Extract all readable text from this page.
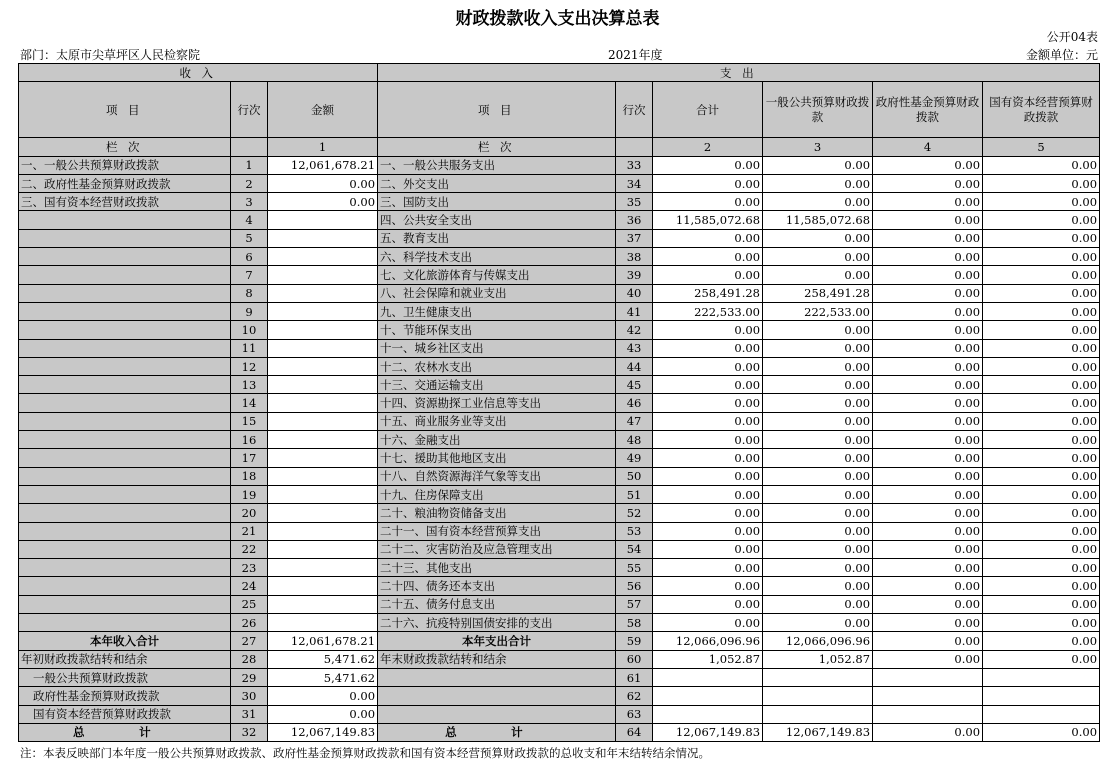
财政拨款收入支出决算总表
公开04表
部门：太原市尖草坪区人民检察院	2021年度	金额单位：元
收 入			支 出					
项 目	行次	金额	项 目	行次	合计	一般公共预算财政拨款	政府性基金预算财政拨款	国有资本经营预算财政拨款
栏 次		1	栏 次		2	3	4	5
一、一般公共预算财政拨款	1	12,061,678.21	一、一般公共服务支出	33	0.00	0.00	0.00	0.00
二、政府性基金预算财政拨款	2	0.00	二、外交支出	34	0.00	0.00	0.00	0.00
三、国有资本经营财政拨款	3	0.00	三、国防支出	35	0.00	0.00	0.00	0.00
	4		四、公共安全支出	36	11,585,072.68	11,585,072.68	0.00	0.00
	5		五、教育支出	37	0.00	0.00	0.00	0.00
	6		六、科学技术支出	38	0.00	0.00	0.00	0.00
	7		七、文化旅游体育与传媒支出	39	0.00	0.00	0.00	0.00
	8		八、社会保障和就业支出	40	258,491.28	258,491.28	0.00	0.00
	9		九、卫生健康支出	41	222,533.00	222,533.00	0.00	0.00
	10		十、节能环保支出	42	0.00	0.00	0.00	0.00
	11		十一、城乡社区支出	43	0.00	0.00	0.00	0.00
	12		十二、农林水支出	44	0.00	0.00	0.00	0.00
	13		十三、交通运输支出	45	0.00	0.00	0.00	0.00
	14		十四、资源勘探工业信息等支出	46	0.00	0.00	0.00	0.00
	15		十五、商业服务业等支出	47	0.00	0.00	0.00	0.00
	16		十六、金融支出	48	0.00	0.00	0.00	0.00
	17		十七、援助其他地区支出	49	0.00	0.00	0.00	0.00
	18		十八、自然资源海洋气象等支出	50	0.00	0.00	0.00	0.00
	19		十九、住房保障支出	51	0.00	0.00	0.00	0.00
	20		二十、粮油物资储备支出	52	0.00	0.00	0.00	0.00
	21		二十一、国有资本经营预算支出	53	0.00	0.00	0.00	0.00
	22		二十二、灾害防治及应急管理支出	54	0.00	0.00	0.00	0.00
	23		二十三、其他支出	55	0.00	0.00	0.00	0.00
	24		二十四、债务还本支出	56	0.00	0.00	0.00	0.00
	25		二十五、债务付息支出	57	0.00	0.00	0.00	0.00
	26		二十六、抗疫特别国债安排的支出	58	0.00	0.00	0.00	0.00
本年收入合计	27	12,061,678.21	本年支出合计	59	12,066,096.96	12,066,096.96	0.00	0.00
年初财政拨款结转和结余	28	5,471.62	年末财政拨款结转和结余	60	1,052.87	1,052.87	0.00	0.00
一般公共预算财政拨款	29	5,471.62		61				
政府性基金预算财政拨款	30	0.00		62				
国有资本经营预算财政拨款	31	0.00		63				
总 计	32	12,067,149.83	总 计	64	12,067,149.83	12,067,149.83	0.00	0.00
注：本表反映部门本年度一般公共预算财政拨款、政府性基金预算财政拨款和国有资本经营预算财政拨款的总收支和年末结转结余情况。
